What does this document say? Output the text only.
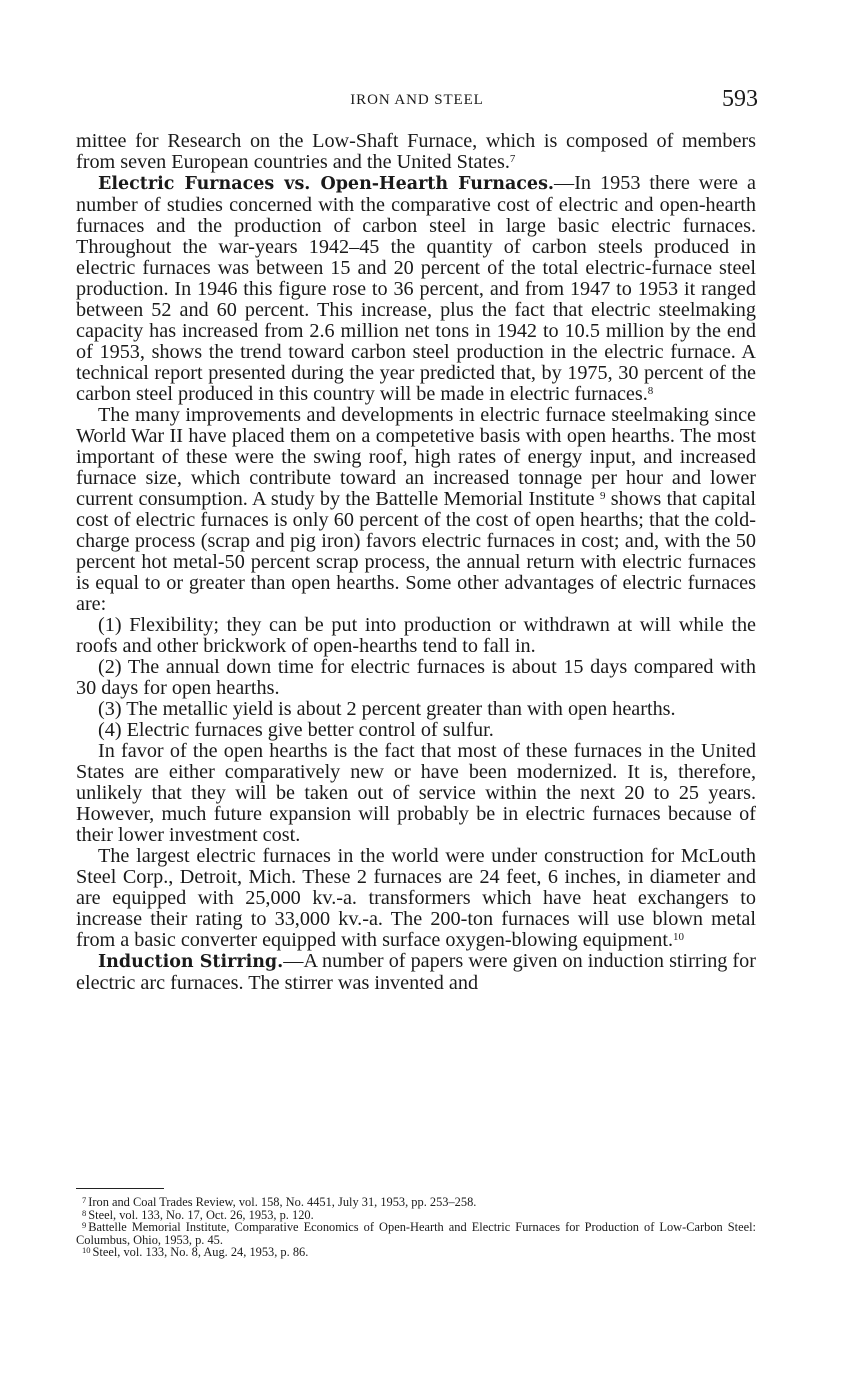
IRON AND STEEL	593

mittee for Research on the Low-Shaft Furnace, which is composed of members from seven European countries and the United States.$^7$

Electric Furnaces vs. Open-Hearth Furnaces.—In 1953 there were a number of studies concerned with the comparative cost of electric and open-hearth furnaces and the production of carbon steel in large basic electric furnaces. Throughout the war-years 1942–45 the quantity of carbon steels produced in electric furnaces was between 15 and 20 percent of the total electric-furnace steel production. In 1946 this figure rose to 36 percent, and from 1947 to 1953 it ranged between 52 and 60 percent. This increase, plus the fact that electric steelmaking capacity has increased from 2.6 million net tons in 1942 to 10.5 million by the end of 1953, shows the trend toward carbon steel production in the electric furnace. A technical report presented during the year predicted that, by 1975, 30 percent of the carbon steel produced in this country will be made in electric furnaces.$^8$

The many improvements and developments in electric furnace steelmaking since World War II have placed them on a competetive basis with open hearths. The most important of these were the swing roof, high rates of energy input, and increased furnace size, which contribute toward an increased tonnage per hour and lower current consumption. A study by the Battelle Memorial Institute $^9$ shows that capital cost of electric furnaces is only 60 percent of the cost of open hearths; that the cold-charge process (scrap and pig iron) favors electric furnaces in cost; and, with the 50 percent hot metal-50 percent scrap process, the annual return with electric furnaces is equal to or greater than open hearths. Some other advantages of electric furnaces are:

(1) Flexibility; they can be put into production or withdrawn at will while the roofs and other brickwork of open-hearths tend to fall in.

(2) The annual down time for electric furnaces is about 15 days compared with 30 days for open hearths.

(3) The metallic yield is about 2 percent greater than with open hearths.

(4) Electric furnaces give better control of sulfur.

In favor of the open hearths is the fact that most of these furnaces in the United States are either comparatively new or have been modernized. It is, therefore, unlikely that they will be taken out of service within the next 20 to 25 years. However, much future expansion will probably be in electric furnaces because of their lower investment cost.

The largest electric furnaces in the world were under construction for McLouth Steel Corp., Detroit, Mich. These 2 furnaces are 24 feet, 6 inches, in diameter and are equipped with 25,000 kv.-a. transformers which have heat exchangers to increase their rating to 33,000 kv.-a. The 200-ton furnaces will use blown metal from a basic converter equipped with surface oxygen-blowing equipment.$^{10}$

Induction Stirring.—A number of papers were given on induction stirring for electric arc furnaces. The stirrer was invented and

$^7$ Iron and Coal Trades Review, vol. 158, No. 4451, July 31, 1953, pp. 253–258.

$^8$ Steel, vol. 133, No. 17, Oct. 26, 1953, p. 120.

$^9$ Battelle Memorial Institute, Comparative Economics of Open-Hearth and Electric Furnaces for Production of Low-Carbon Steel: Columbus, Ohio, 1953, p. 45.

$^{10}$ Steel, vol. 133, No. 8, Aug. 24, 1953, p. 86.
